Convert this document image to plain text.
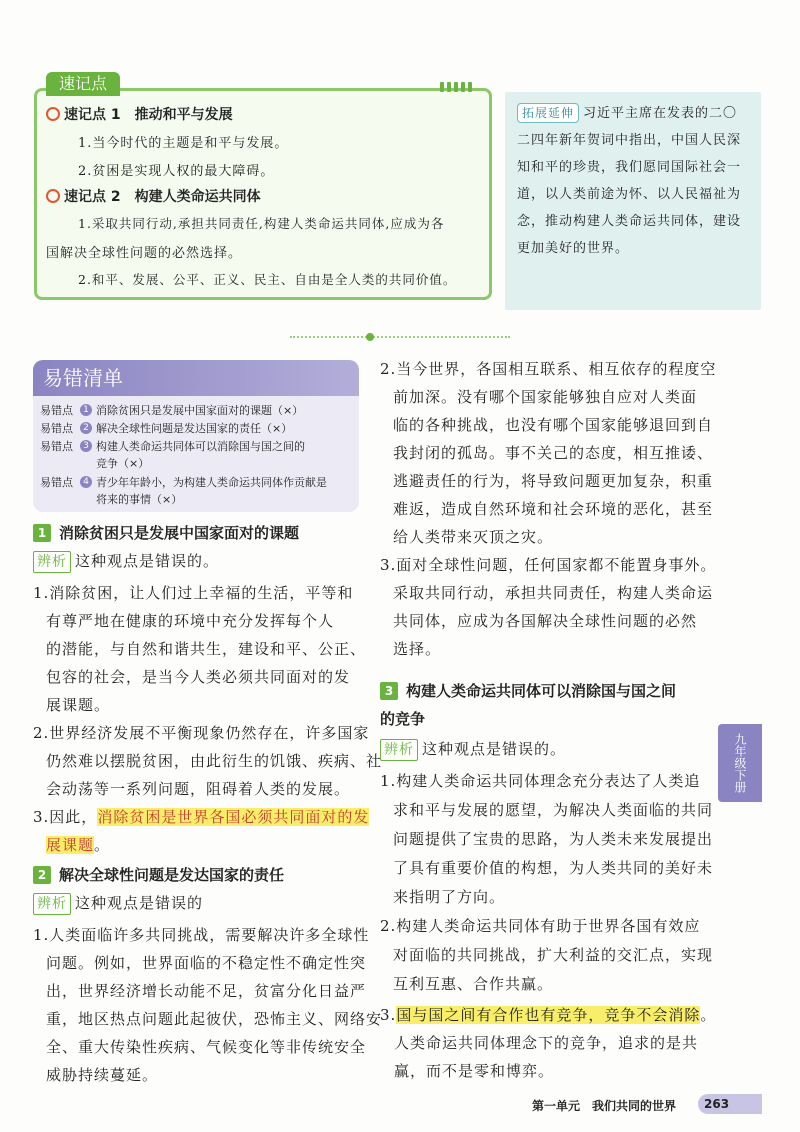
速记点
速记点 1　推动和平与发展
1.当今时代的主题是和平与发展。
2.贫困是实现人权的最大障碍。
速记点 2　构建人类命运共同体
1.采取共同行动,承担共同责任,构建人类命运共同体,应成为各
国解决全球性问题的必然选择。
2.和平、发展、公平、正义、民主、自由是全人类的共同价值。
拓展延伸 习近平主席在发表的二〇二四年新年贺词中指出，中国人民深知和平的珍贵，我们愿同国际社会一道，以人类前途为怀、以人民福祉为念，推动构建人类命运共同体，建设更加美好的世界。
易错清单
易错点	1 消除贫困只是发展中国家面对的课题（×）
易错点	2 解决全球性问题是发达国家的责任（×）
易错点	3 构建人类命运共同体可以消除国与国之间的
竞争（×）
易错点	4 青少年年龄小，为构建人类命运共同体作贡献是
将来的事情（×）
1 消除贫困只是发展中国家面对的课题
辨析 这种观点是错误的。
1.消除贫困，让人们过上幸福的生活，平等和
有尊严地在健康的环境中充分发挥每个人
的潜能，与自然和谐共生，建设和平、公正、
包容的社会，是当今人类必须共同面对的发
展课题。
2.世界经济发展不平衡现象仍然存在，许多国家
仍然难以摆脱贫困，由此衍生的饥饿、疾病、社
会动荡等一系列问题，阻碍着人类的发展。
3.因此，消除贫困是世界各国必须共同面对的发
展课题。
2 解决全球性问题是发达国家的责任
辨析 这种观点是错误的
1.人类面临许多共同挑战，需要解决许多全球性
问题。例如，世界面临的不稳定性不确定性突
出，世界经济增长动能不足，贫富分化日益严
重，地区热点问题此起彼伏，恐怖主义、网络安
全、重大传染性疾病、气候变化等非传统安全
威胁持续蔓延。
2.当今世界，各国相互联系、相互依存的程度空
前加深。没有哪个国家能够独自应对人类面
临的各种挑战，也没有哪个国家能够退回到自
我封闭的孤岛。事不关己的态度，相互推诿、
逃避责任的行为，将导致问题更加复杂，积重
难返，造成自然环境和社会环境的恶化，甚至
给人类带来灭顶之灾。
3.面对全球性问题，任何国家都不能置身事外。
采取共同行动，承担共同责任，构建人类命运
共同体，应成为各国解决全球性问题的必然
选择。
3 构建人类命运共同体可以消除国与国之间
的竞争
辨析 这种观点是错误的。
1.构建人类命运共同体理念充分表达了人类追
求和平与发展的愿望，为解决人类面临的共同
问题提供了宝贵的思路，为人类未来发展提出
了具有重要价值的构想，为人类共同的美好未
来指明了方向。
2.构建人类命运共同体有助于世界各国有效应
对面临的共同挑战，扩大利益的交汇点，实现
互利互惠、合作共赢。
3.国与国之间有合作也有竞争，竞争不会消除。
人类命运共同体理念下的竞争，追求的是共
赢，而不是零和博弈。
九年级下册
第一单元　我们共同的世界	263
